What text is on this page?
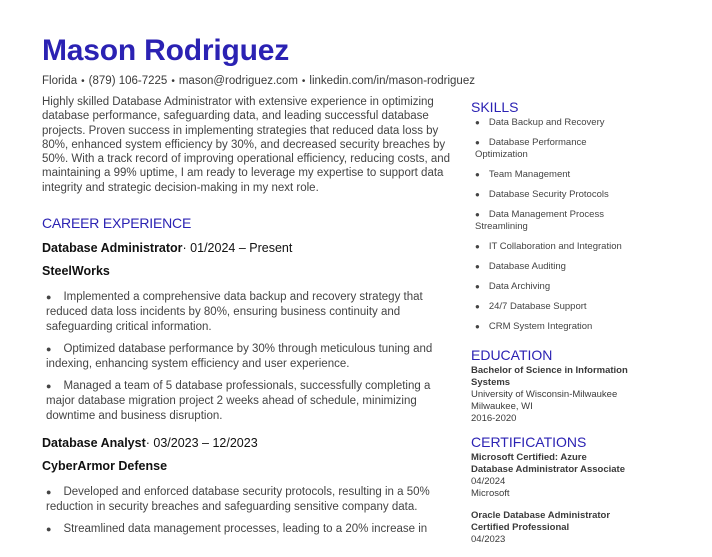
Mason Rodriguez
Florida • (879) 106-7225 • mason@rodriguez.com • linkedin.com/in/mason-rodriguez
Highly skilled Database Administrator with extensive experience in optimizing database performance, safeguarding data, and leading successful database projects. Proven success in implementing strategies that reduced data loss by 80%, enhanced system efficiency by 30%, and decreased security breaches by 50%. With a track record of improving operational efficiency, reducing costs, and maintaining a 99% uptime, I am ready to leverage my expertise to support data integrity and strategic decision-making in my next role.
CAREER EXPERIENCE
Database Administrator· 01/2024 – Present
SteelWorks
● Implemented a comprehensive data backup and recovery strategy that reduced data loss incidents by 80%, ensuring business continuity and safeguarding critical information.
● Optimized database performance by 30% through meticulous tuning and indexing, enhancing system efficiency and user experience.
● Managed a team of 5 database professionals, successfully completing a major database migration project 2 weeks ahead of schedule, minimizing downtime and business disruption.
Database Analyst· 03/2023 – 12/2023
CyberArmor Defense
● Developed and enforced database security protocols, resulting in a 50% reduction in security breaches and safeguarding sensitive company data.
● Streamlined data management processes, leading to a 20% increase in
SKILLS
● Data Backup and Recovery
● Database Performance Optimization
● Team Management
● Database Security Protocols
● Data Management Process Streamlining
● IT Collaboration and Integration
● Database Auditing
● Data Archiving
● 24/7 Database Support
● CRM System Integration
EDUCATION
Bachelor of Science in Information Systems
University of Wisconsin-Milwaukee
Milwaukee, WI
2016-2020
CERTIFICATIONS
Microsoft Certified: Azure Database Administrator Associate
04/2024
Microsoft
Oracle Database Administrator Certified Professional
04/2023
